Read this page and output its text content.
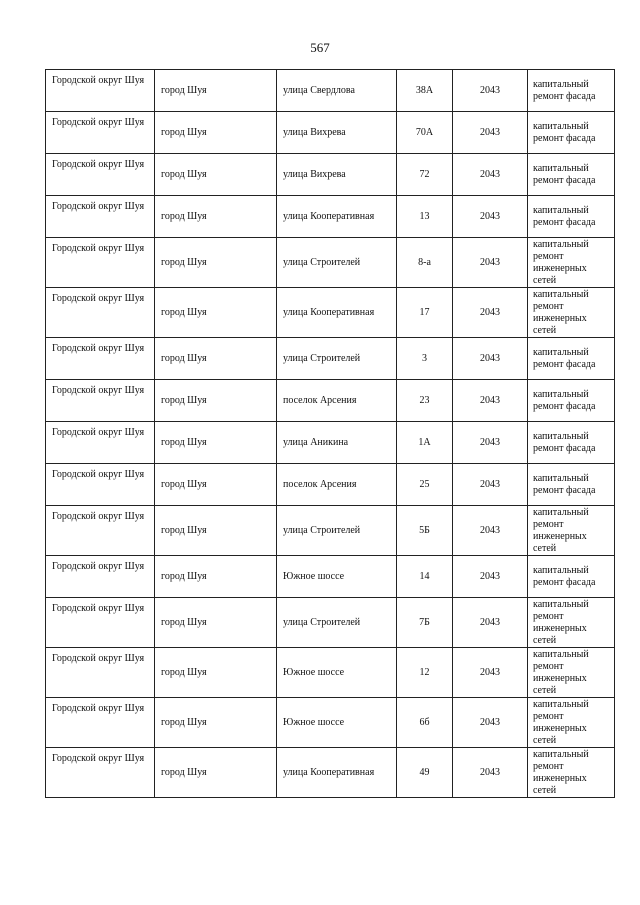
567
Городской округ Шуя	город Шуя	улица Свердлова	38А	2043	капитальный ремонт фасада
Городской округ Шуя	город Шуя	улица Вихрева	70А	2043	капитальный ремонт фасада
Городской округ Шуя	город Шуя	улица Вихрева	72	2043	капитальный ремонт фасада
Городской округ Шуя	город Шуя	улица Кооперативная	13	2043	капитальный ремонт фасада
Городской округ Шуя	город Шуя	улица Строителей	8-а	2043	капитальный ремонт инженерных сетей
Городской округ Шуя	город Шуя	улица Кооперативная	17	2043	капитальный ремонт инженерных сетей
Городской округ Шуя	город Шуя	улица Строителей	3	2043	капитальный ремонт фасада
Городской округ Шуя	город Шуя	поселок Арсения	23	2043	капитальный ремонт фасада
Городской округ Шуя	город Шуя	улица Аникина	1А	2043	капитальный ремонт фасада
Городской округ Шуя	город Шуя	поселок Арсения	25	2043	капитальный ремонт фасада
Городской округ Шуя	город Шуя	улица Строителей	5Б	2043	капитальный ремонт инженерных сетей
Городской округ Шуя	город Шуя	Южное шоссе	14	2043	капитальный ремонт фасада
Городской округ Шуя	город Шуя	улица Строителей	7Б	2043	капитальный ремонт инженерных сетей
Городской округ Шуя	город Шуя	Южное шоссе	12	2043	капитальный ремонт инженерных сетей
Городской округ Шуя	город Шуя	Южное шоссе	6б	2043	капитальный ремонт инженерных сетей
Городской округ Шуя	город Шуя	улица Кооперативная	49	2043	капитальный ремонт инженерных сетей
